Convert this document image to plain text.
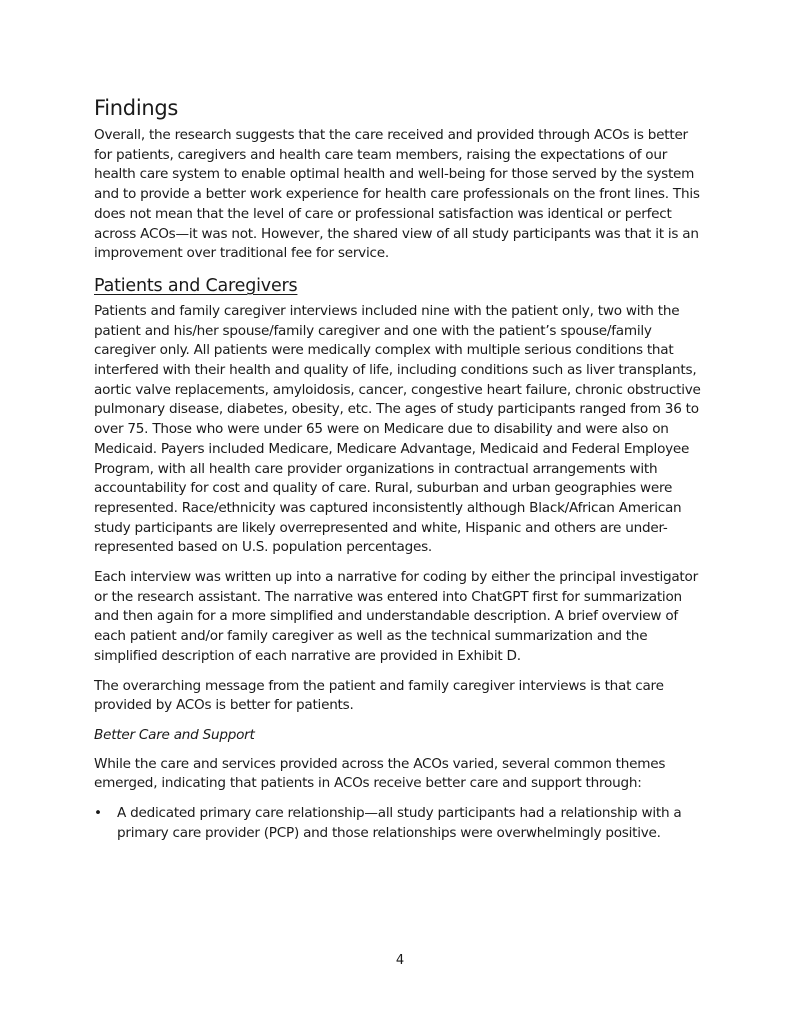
Findings

Overall, the research suggests that the care received and provided through ACOs is better for patients, caregivers and health care team members, raising the expectations of our health care system to enable optimal health and well-being for those served by the system and to provide a better work experience for health care professionals on the front lines. This does not mean that the level of care or professional satisfaction was identical or perfect across ACOs—it was not. However, the shared view of all study participants was that it is an improvement over traditional fee for service.

Patients and Caregivers

Patients and family caregiver interviews included nine with the patient only, two with the patient and his/her spouse/family caregiver and one with the patient’s spouse/family caregiver only. All patients were medically complex with multiple serious conditions that interfered with their health and quality of life, including conditions such as liver transplants, aortic valve replacements, amyloidosis, cancer, congestive heart failure, chronic obstructive pulmonary disease, diabetes, obesity, etc. The ages of study participants ranged from 36 to over 75. Those who were under 65 were on Medicare due to disability and were also on Medicaid. Payers included Medicare, Medicare Advantage, Medicaid and Federal Employee Program, with all health care provider organizations in contractual arrangements with accountability for cost and quality of care. Rural, suburban and urban geographies were represented. Race/ethnicity was captured inconsistently although Black/African American study participants are likely overrepresented and white, Hispanic and others are under-represented based on U.S. population percentages.

Each interview was written up into a narrative for coding by either the principal investigator or the research assistant. The narrative was entered into ChatGPT first for summarization and then again for a more simplified and understandable description. A brief overview of each patient and/or family caregiver as well as the technical summarization and the simplified description of each narrative are provided in Exhibit D.

The overarching message from the patient and family caregiver interviews is that care provided by ACOs is better for patients.

Better Care and Support

While the care and services provided across the ACOs varied, several common themes emerged, indicating that patients in ACOs receive better care and support through:

• A dedicated primary care relationship—all study participants had a relationship with a primary care provider (PCP) and those relationships were overwhelmingly positive.
4
